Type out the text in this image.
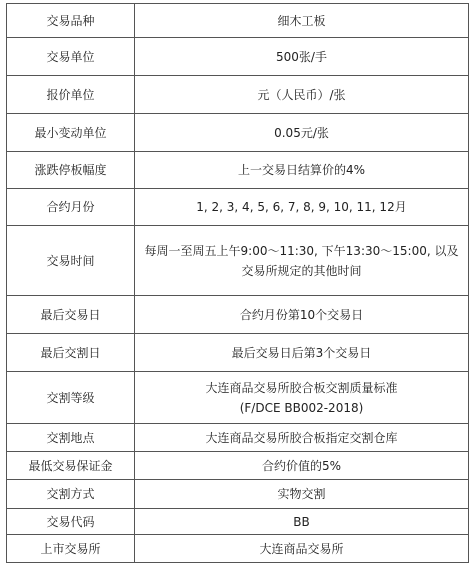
交易品种	细木工板

交易单位	500张/手

报价单位	元（人民币）/张

最小变动单位	0.05元/张

涨跌停板幅度	上一交易日结算价的4%

合约月份	1, 2, 3, 4, 5, 6, 7, 8, 9, 10, 11, 12月

交易时间	每周一至周五上午9:00～11:30, 下午13:30～15:00, 以及
交易所规定的其他时间

最后交易日	合约月份第10个交易日

最后交割日	最后交易日后第3个交易日

交割等级	大连商品交易所胶合板交割质量标准
(F/DCE BB002-2018)

交割地点	大连商品交易所胶合板指定交割仓库

最低交易保证金	合约价值的5%

交割方式	实物交割

交易代码	BB

上市交易所	大连商品交易所
